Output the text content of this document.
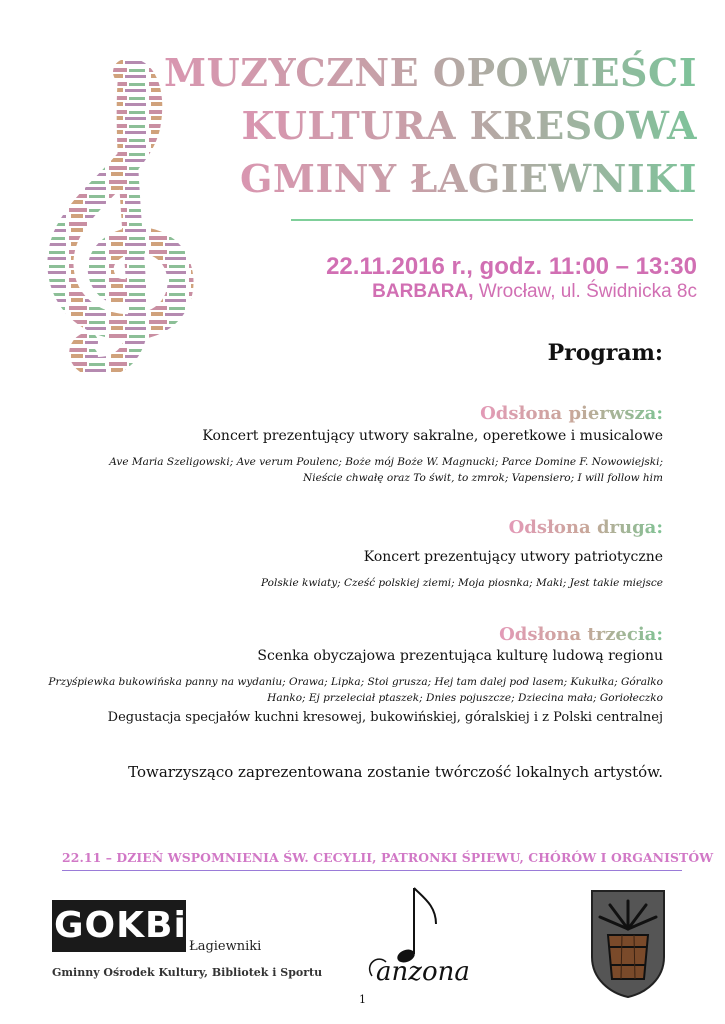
MUZYCZNE OPOWIEŚCI
KULTURA KRESOWA
GMINY ŁAGIEWNIKI
22.11.2016 r., godz. 11:00 – 13:30
BARBARA, Wrocław, ul. Świdnicka 8c
Program:
Odsłona pierwsza:
Koncert prezentujący utwory sakralne, operetkowe i musicalowe
Ave Maria Szeligowski; Ave verum Poulenc; Boże mój Boże W. Magnucki; Parce Domine F. Nowowiejski;
Nieście chwałę oraz To świt, to zmrok; Vapensiero; I will follow him
Odsłona druga:
Koncert prezentujący utwory patriotyczne
Polskie kwiaty; Cześć polskiej ziemi; Moja piosnka; Maki; Jest takie miejsce
Odsłona trzecia:
Scenka obyczajowa prezentująca kulturę ludową regionu
Przyśpiewka bukowińska panny na wydaniu; Orawa; Lipka; Stoi grusza; Hej tam dalej pod lasem; Kukułka; Góralko
Hanko; Ej przeleciał ptaszek; Dnies pojuszcze; Dziecina mała; Goriołeczko
Degustacja specjałów kuchni kresowej, bukowińskiej, góralskiej i z Polski centralnej
Towarzysząco zaprezentowana zostanie twórczość lokalnych artystów.
22.11 – DZIEŃ WSPOMNIENIA ŚW. CECYLII, PATRONKI ŚPIEWU, CHÓRÓW I ORGANISTÓW
GOKBiS
Łagiewniki
Gminny Ośrodek Kultury, Bibliotek i Sportu anzona
1
